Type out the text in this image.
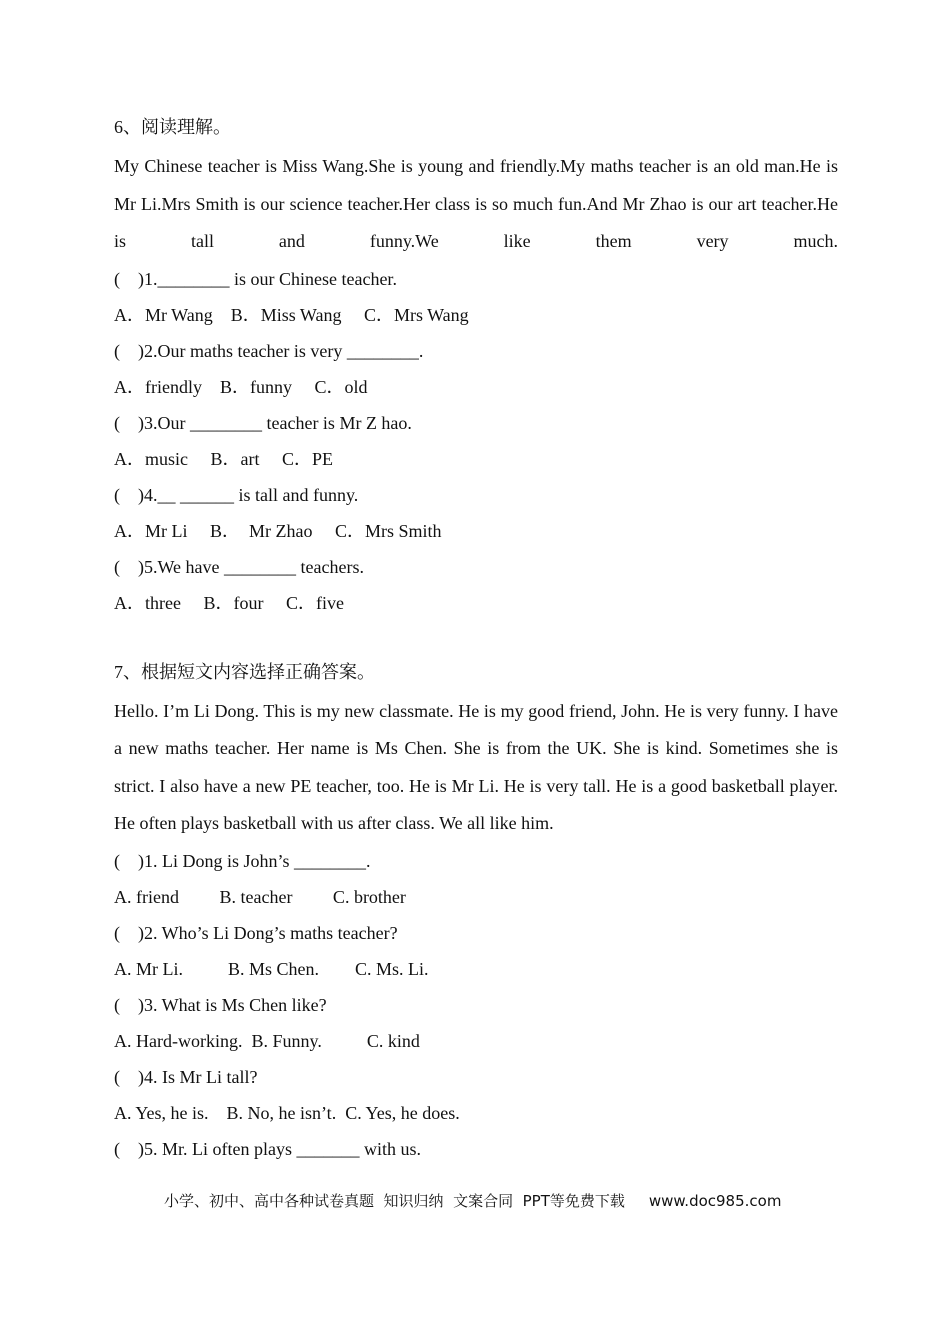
6、阅读理解。

My Chinese teacher is Miss Wang.She is young and friendly.My maths teacher is an old man.He is Mr Li.Mrs Smith is our science teacher.Her class is so much fun.And Mr Zhao is our art teacher.He is tall and funny.We like them very much.

(    )1.________ is our Chinese teacher.

A．Mr Wang    B．Miss Wang     C．Mrs Wang

(    )2.Our maths teacher is very ________.

A．friendly    B．funny     C．old

(    )3.Our ________ teacher is Mr Z hao.

A．music     B．art     C．PE

(    )4.__ ______ is tall and funny.

A．Mr Li     B．  Mr Zhao     C．Mrs Smith

(    )5.We have ________ teachers.

A．three     B．four     C．five

7、根据短文内容选择正确答案。

Hello. I’m Li Dong. This is my new classmate. He is my good friend, John. He is very funny. I have a new maths teacher. Her name is Ms Chen. She is from the UK. She is kind. Sometimes she is strict. I also have a new PE teacher, too. He is Mr Li. He is very tall. He is a good basketball player. He often plays basketball with us after class. We all like him.

(    )1. Li Dong is John’s ________.

A. friend         B. teacher         C. brother

(    )2. Who’s Li Dong’s maths teacher?

A. Mr Li.          B. Ms Chen.        C. Ms. Li.

(    )3. What is Ms Chen like?

A. Hard-working.  B. Funny.          C. kind

(    )4. Is Mr Li tall?

A. Yes, he is.    B. No, he isn’t.  C. Yes, he does.

(    )5. Mr. Li often plays _______ with us.

小学、初中、高中各种试卷真题  知识归纳  文案合同  PPT等免费下载 www.doc985.com
